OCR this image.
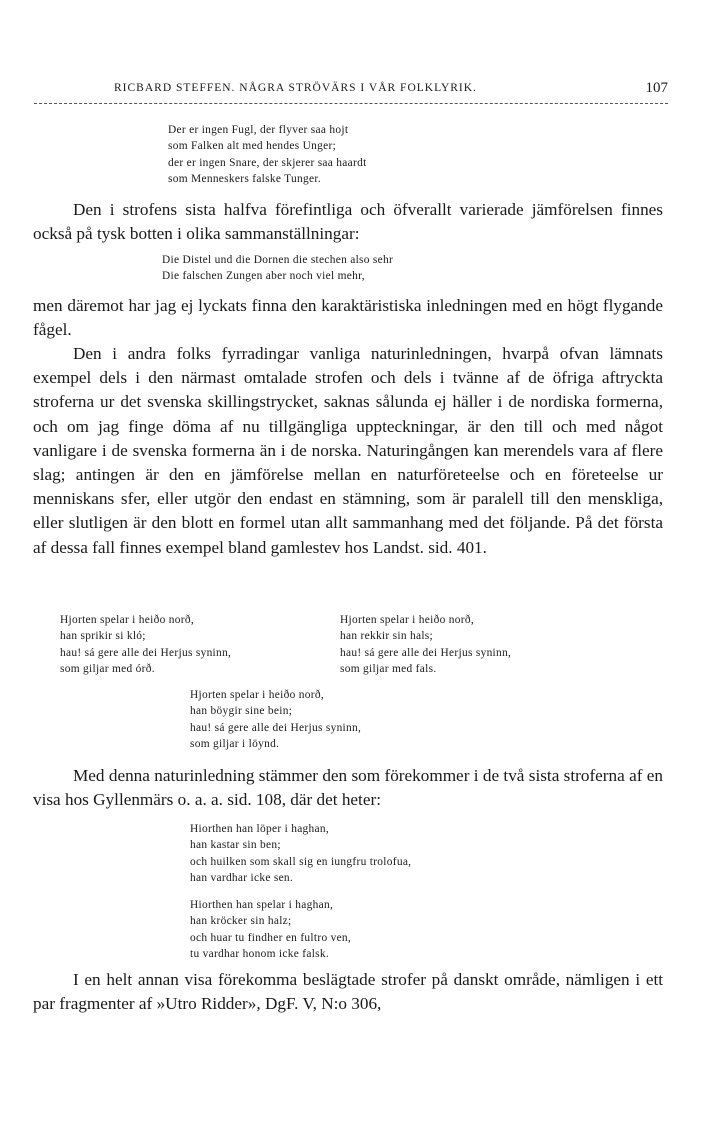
RICBARD STEFFEN. NÅGRA STRÖVÄRS I VÅR FOLKLYRIK.	107
Der er ingen Fugl, der flyver saa hojt
som Falken alt med hendes Unger;
der er ingen Snare, der skjerer saa haardt
som Menneskers falske Tunger.

Den i strofens sista halfva förefintliga och öfverallt varierade jämförelsen finnes också på tysk botten i olika sammanställningar:

Die Distel und die Dornen die stechen also sehr
Die falschen Zungen aber noch viel mehr,

men däremot har jag ej lyckats finna den karaktäristiska inledningen med en högt flygande fågel.

Den i andra folks fyrradingar vanliga naturinledningen, hvarpå ofvan lämnats exempel dels i den närmast omtalade strofen och dels i tvänne af de öfriga aftryckta stroferna ur det svenska skillingstrycket, saknas sålunda ej häller i de nordiska formerna, och om jag finge döma af nu tillgängliga uppteckningar, är den till och med något vanligare i de svenska formerna än i de norska. Naturingången kan merendels vara af flere slag; antingen är den en jämförelse mellan en naturföreteelse och en företeelse ur menniskans sfer, eller utgör den endast en stämning, som är paralell till den menskliga, eller slutligen är den blott en formel utan allt sammanhang med det följande. På det första af dessa fall finnes exempel bland gamlestev hos Landst. sid. 401.

Hjorten spelar i heiðo norð,
han sprikir si kló;
hau! sá gere alle dei Herjus syninn,
som giljar med órð.
Hjorten spelar i heiðo norð,
han rekkir sin hals;
hau! sá gere alle dei Herjus syninn,
som giljar med fals.
Hjorten spelar i heiðo norð,
han böygir sine bein;
hau! sá gere alle dei Herjus syninn,
som giljar i löynd.

Med denna naturinledning stämmer den som förekommer i de två sista stroferna af en visa hos Gyllenmärs o. a. a. sid. 108, där det heter:

Hiorthen han löper i haghan,
han kastar sin ben;
och huilken som skall sig en iungfru trolofua,
han vardhar icke sen.
Hiorthen han spelar i haghan,
han kröcker sin halz;
och huar tu findher en fultro ven,
tu vardhar honom icke falsk.

I en helt annan visa förekomma beslägtade strofer på danskt område, nämligen i ett par fragmenter af »Utro Ridder», DgF. V, N:o 306,
